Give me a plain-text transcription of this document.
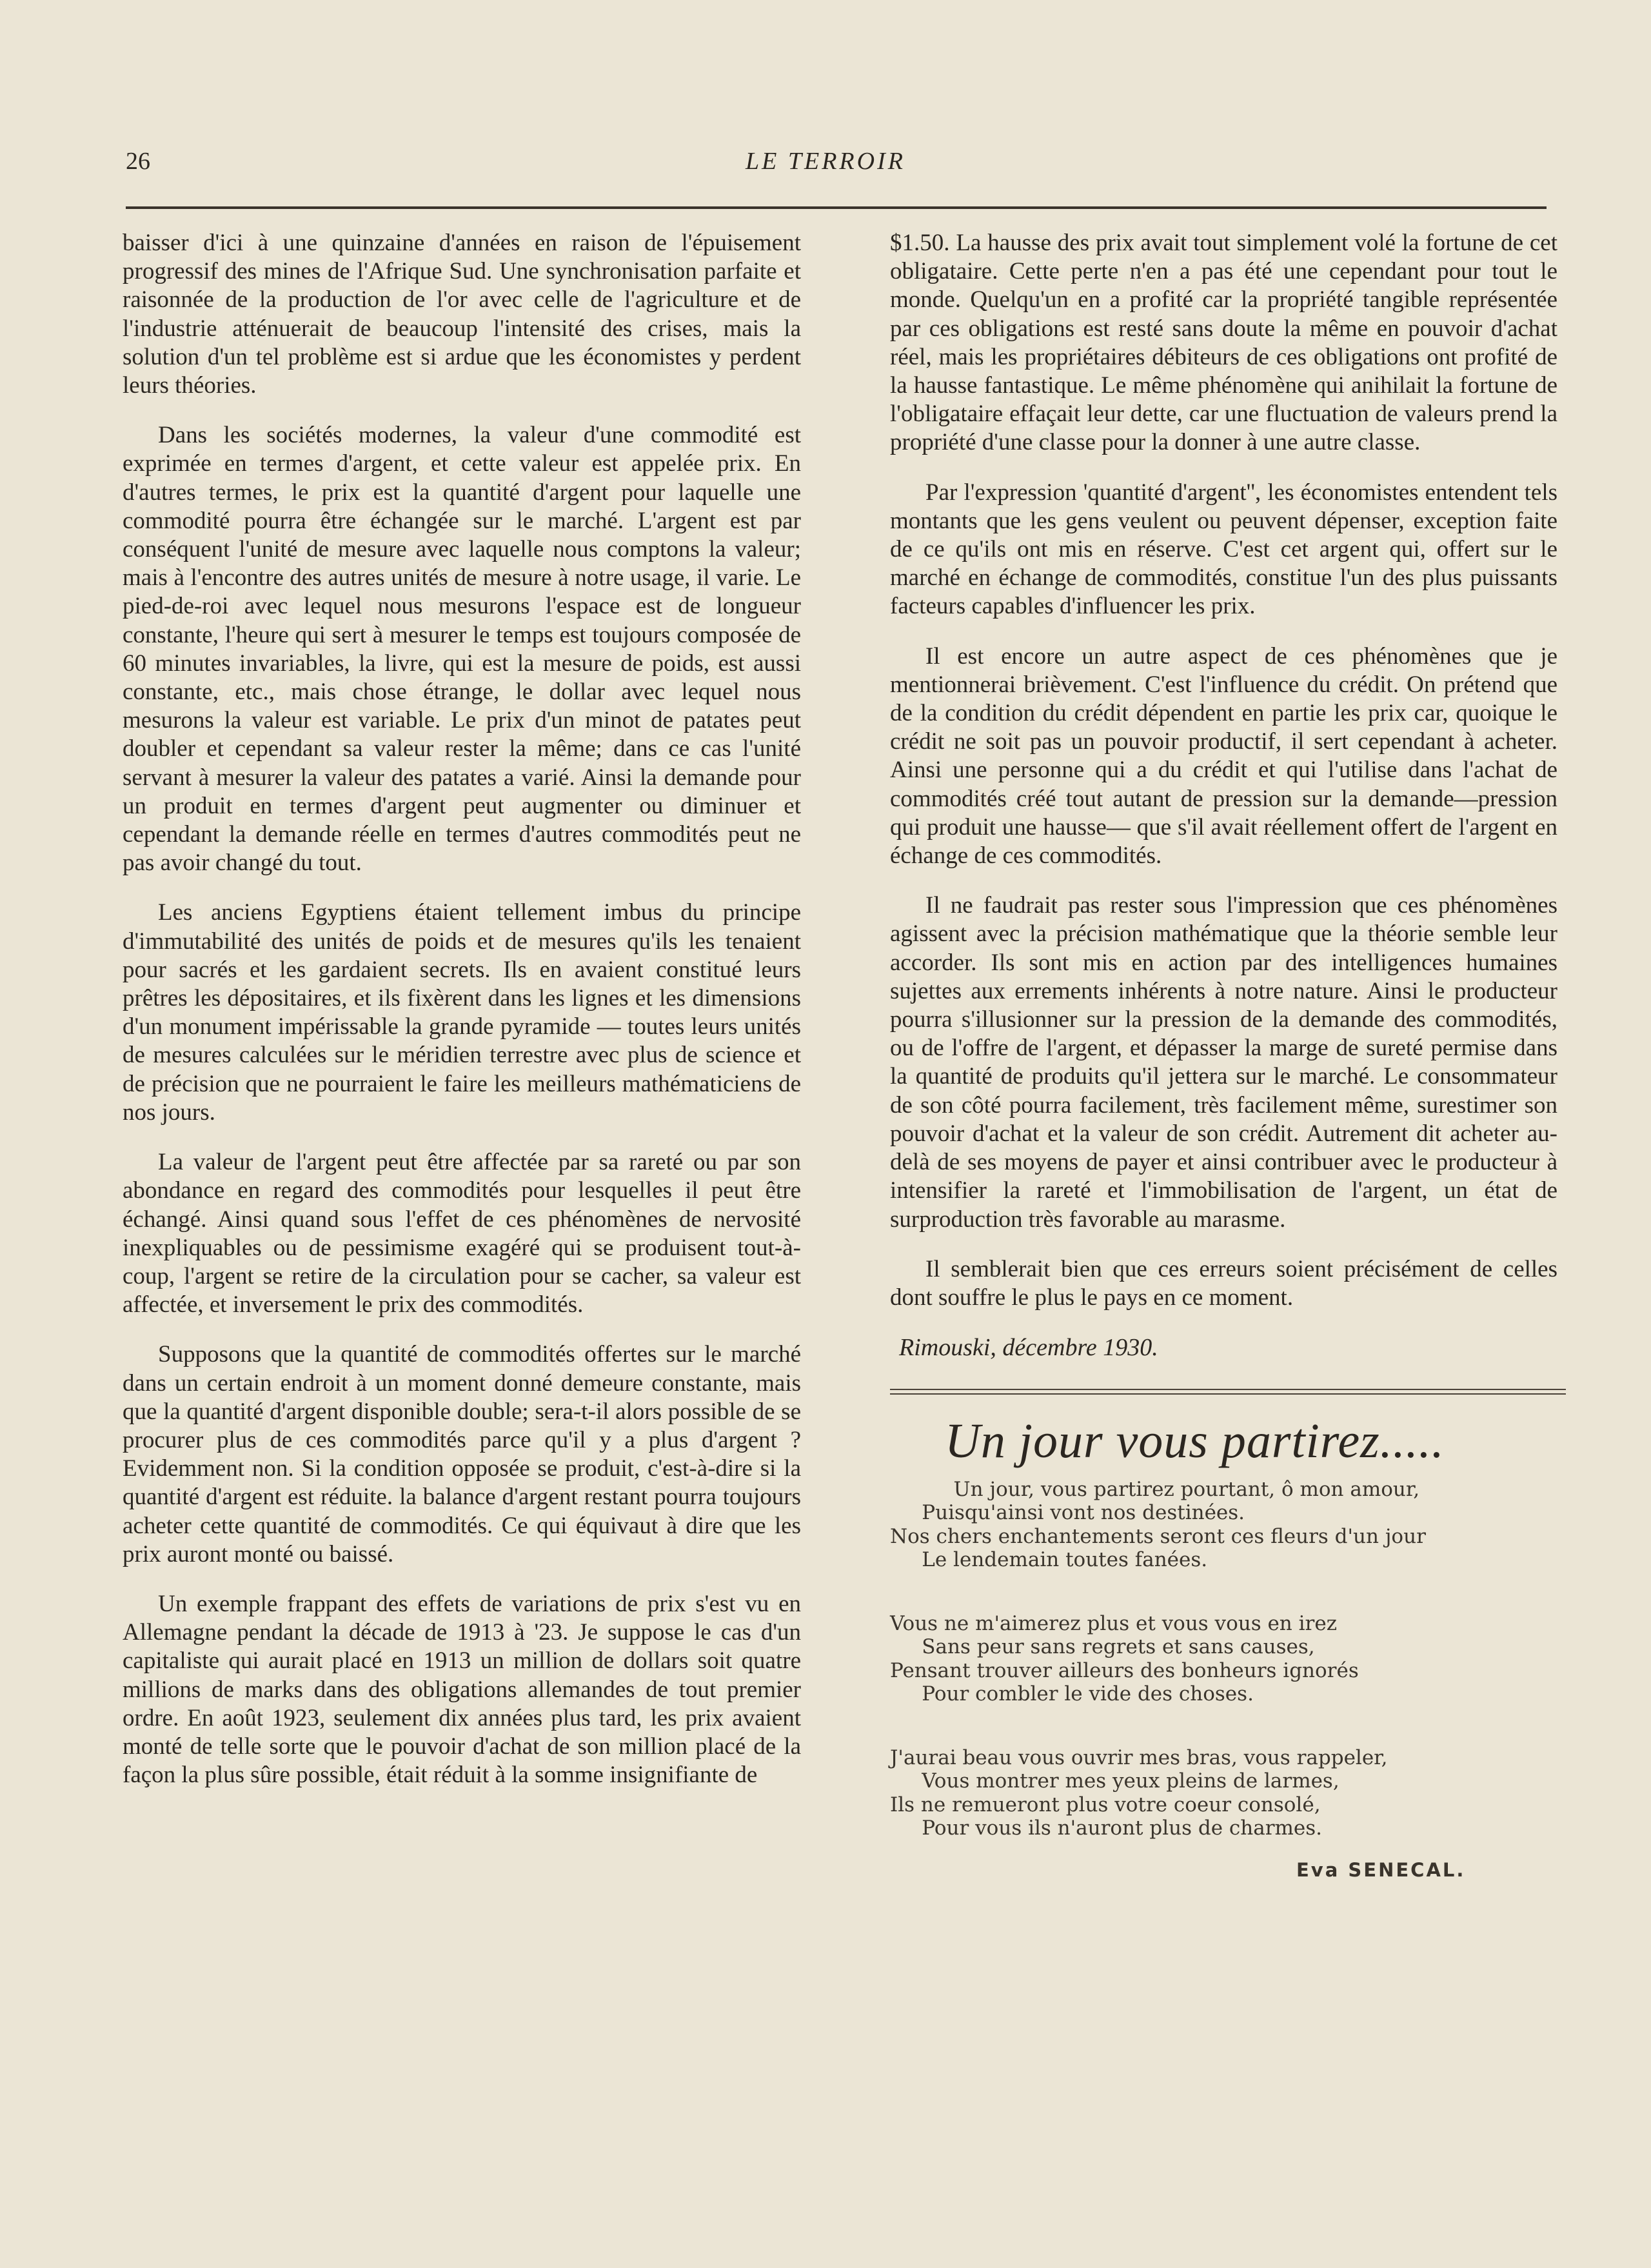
26	LE TERROIR

baisser d'ici à une quinzaine d'années en raison de l'épuisement progressif des mines de l'Afrique Sud. Une synchronisation parfaite et raisonnée de la production de l'or avec celle de l'agriculture et de l'industrie atténuerait de beaucoup l'intensité des crises, mais la solution d'un tel problème est si ardue que les économistes y perdent leurs théories.

Dans les sociétés modernes, la valeur d'une commodité est exprimée en termes d'argent, et cette valeur est appelée prix. En d'autres termes, le prix est la quantité d'argent pour laquelle une commodité pourra être échangée sur le marché. L'argent est par conséquent l'unité de mesure avec laquelle nous comptons la valeur; mais à l'encontre des autres unités de mesure à notre usage, il varie. Le pied-de-roi avec lequel nous mesurons l'espace est de longueur constante, l'heure qui sert à mesurer le temps est toujours composée de 60 minutes invariables, la livre, qui est la mesure de poids, est aussi constante, etc., mais chose étrange, le dollar avec lequel nous mesurons la valeur est variable. Le prix d'un minot de patates peut doubler et cependant sa valeur rester la même; dans ce cas l'unité servant à mesurer la valeur des patates a varié. Ainsi la demande pour un produit en termes d'argent peut augmenter ou diminuer et cependant la demande réelle en termes d'autres commodités peut ne pas avoir changé du tout.

Les anciens Egyptiens étaient tellement imbus du principe d'immutabilité des unités de poids et de mesures qu'ils les tenaient pour sacrés et les gardaient secrets. Ils en avaient constitué leurs prêtres les dépositaires, et ils fixèrent dans les lignes et les dimensions d'un monument impérissable la grande pyramide — toutes leurs unités de mesures calculées sur le méridien terrestre avec plus de science et de précision que ne pourraient le faire les meilleurs mathématiciens de nos jours.

La valeur de l'argent peut être affectée par sa rareté ou par son abondance en regard des commodités pour lesquelles il peut être échangé. Ainsi quand sous l'effet de ces phénomènes de nervosité inexpliquables ou de pessimisme exagéré qui se produisent tout-à-coup, l'argent se retire de la circulation pour se cacher, sa valeur est affectée, et inversement le prix des commodités.

Supposons que la quantité de commodités offertes sur le marché dans un certain endroit à un moment donné demeure constante, mais que la quantité d'argent disponible double; sera-t-il alors possible de se procurer plus de ces commodités parce qu'il y a plus d'argent ? Evidemment non. Si la condition opposée se produit, c'est-à-dire si la quantité d'argent est réduite. la balance d'argent restant pourra toujours acheter cette quantité de commodités. Ce qui équivaut à dire que les prix auront monté ou baissé.

Un exemple frappant des effets de variations de prix s'est vu en Allemagne pendant la décade de 1913 à '23. Je suppose le cas d'un capitaliste qui aurait placé en 1913 un million de dollars soit quatre millions de marks dans des obligations allemandes de tout premier ordre. En août 1923, seulement dix années plus tard, les prix avaient monté de telle sorte que le pouvoir d'achat de son million placé de la façon la plus sûre possible, était réduit à la somme insignifiante de

$1.50. La hausse des prix avait tout simplement volé la fortune de cet obligataire. Cette perte n'en a pas été une cependant pour tout le monde. Quelqu'un en a profité car la propriété tangible représentée par ces obligations est resté sans doute la même en pouvoir d'achat réel, mais les propriétaires débiteurs de ces obligations ont profité de la hausse fantastique. Le même phénomène qui anihilait la fortune de l'obligataire effaçait leur dette, car une fluctuation de valeurs prend la propriété d'une classe pour la donner à une autre classe.

Par l'expression 'quantité d'argent'', les économistes entendent tels montants que les gens veulent ou peuvent dépenser, exception faite de ce qu'ils ont mis en réserve. C'est cet argent qui, offert sur le marché en échange de commodités, constitue l'un des plus puissants facteurs capables d'influencer les prix.

Il est encore un autre aspect de ces phénomènes que je mentionnerai brièvement. C'est l'influence du crédit. On prétend que de la condition du crédit dépendent en partie les prix car, quoique le crédit ne soit pas un pouvoir productif, il sert cependant à acheter. Ainsi une personne qui a du crédit et qui l'utilise dans l'achat de commodités créé tout autant de pression sur la demande—pression qui produit une hausse— que s'il avait réellement offert de l'argent en échange de ces commodités.

Il ne faudrait pas rester sous l'impression que ces phénomènes agissent avec la précision mathématique que la théorie semble leur accorder. Ils sont mis en action par des intelligences humaines sujettes aux errements inhérents à notre nature. Ainsi le producteur pourra s'illusionner sur la pression de la demande des commodités, ou de l'offre de l'argent, et dépasser la marge de sureté permise dans la quantité de produits qu'il jettera sur le marché. Le consommateur de son côté pourra facilement, très facilement même, surestimer son pouvoir d'achat et la valeur de son crédit. Autrement dit acheter au-delà de ses moyens de payer et ainsi contribuer avec le producteur à intensifier la rareté et l'immobilisation de l'argent, un état de surproduction très favorable au marasme.

Il semblerait bien que ces erreurs soient précisément de celles dont souffre le plus le pays en ce moment.

Rimouski, décembre 1930.
Un jour vous partirez.....
Un jour, vous partirez pourtant, ô mon amour,
Puisqu'ainsi vont nos destinées.
Nos chers enchantements seront ces fleurs d'un jour
Le lendemain toutes fanées.
Vous ne m'aimerez plus et vous vous en irez
Sans peur sans regrets et sans causes,
Pensant trouver ailleurs des bonheurs ignorés
Pour combler le vide des choses.
J'aurai beau vous ouvrir mes bras, vous rappeler,
Vous montrer mes yeux pleins de larmes,
Ils ne remueront plus votre coeur consolé,
Pour vous ils n'auront plus de charmes.
Eva SENECAL.
